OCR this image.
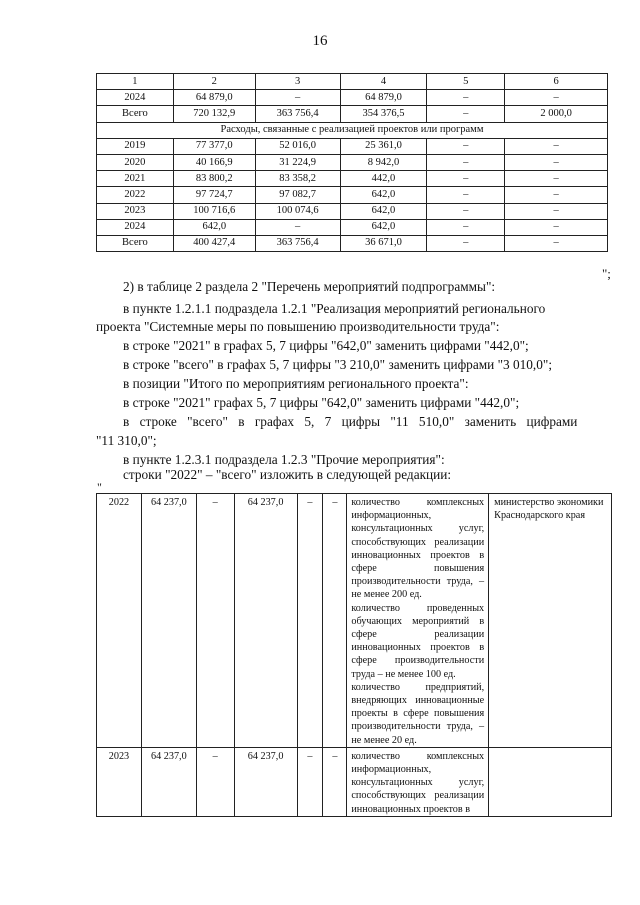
16
1	2	3	4	5	6
2024	64 879,0	–	64 879,0	–	–
Всего	720 132,9	363 756,4	354 376,5	–	2 000,0
Расходы, связанные с реализацией проектов или программ					
2019	77 377,0	52 016,0	25 361,0	–	–
2020	40 166,9	31 224,9	8 942,0	–	–
2021	83 800,2	83 358,2	442,0	–	–
2022	97 724,7	97 082,7	642,0	–	–
2023	100 716,6	100 074,6	642,0	–	–
2024	642,0	–	642,0	–	–
Всего	400 427,4	363 756,4	36 671,0	–	–
";
2) в таблице 2 раздела 2 "Перечень мероприятий подпрограммы":
в пункте 1.2.1.1 подраздела 1.2.1 "Реализация мероприятий регионального
проекта "Системные меры по повышению производительности труда":
в строке "2021" в графах 5, 7 цифры "642,0" заменить цифрами "442,0";
в строке "всего" в графах 5, 7 цифры "3 210,0" заменить цифрами "3 010,0";
в позиции "Итого по мероприятиям регионального проекта":
в строке "2021" графах 5, 7 цифры "642,0" заменить цифрами "442,0";
в строке "всего" в графах 5, 7 цифры "11 510,0" заменить цифрами
"11 310,0";
в пункте 1.2.3.1 подраздела 1.2.3 "Прочие мероприятия":
строки "2022" – "всего" изложить в следующей редакции:
"
2022	64 237,0	–	64 237,0	–	–	количество комплексных информационных, консультационных услуг, способствующих реализации инновационных проектов в сфере повышения производительности труда, – не менее 200 ед.
количество проведенных обучающих мероприятий в сфере реализации инновационных проектов в сфере производительности труда – не менее 100 ед.
количество предприятий, внедряющих инновационные проекты в сфере повышения производительности труда, – не менее 20 ед.	министерство экономики Краснодарского края
2023	64 237,0	–	64 237,0	–	–	количество комплексных информационных, консультационных услуг, способствующих реализации инновационных проектов в	
